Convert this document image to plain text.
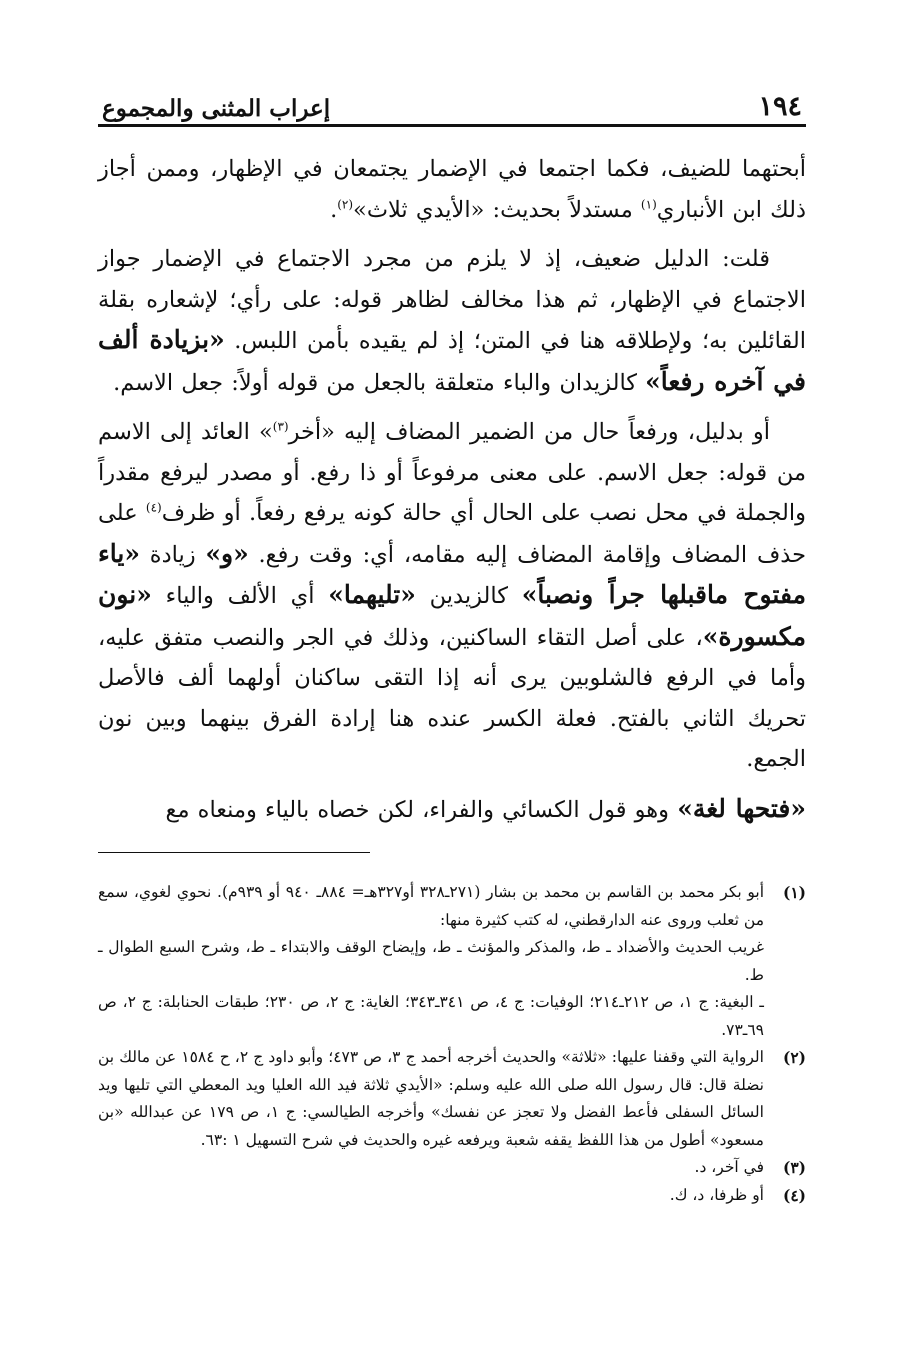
١٩٤
إعراب المثنى والمجموع

أبحتهما للضيف، فكما اجتمعا في الإضمار يجتمعان في الإظهار، وممن أجاز ذلك ابن الأنباري$^{(١)}$ مستدلاً بحديث: «الأيدي ثلاث»$^{(٢)}$.

قلت: الدليل ضعيف، إذ لا يلزم من مجرد الاجتماع في الإضمار جواز الاجتماع في الإظهار، ثم هذا مخالف لظاهر قوله: على رأي؛ لإشعاره بقلة القائلين به؛ ولإطلاقه هنا في المتن؛ إذ لم يقيده بأمن اللبس. «بزيادة ألف في آخره رفعاً» كالزيدان والباء متعلقة بالجعل من قوله أولاً: جعل الاسم.

أو بدليل، ورفعاً حال من الضمير المضاف إليه «أخر$^{(٣)}$» العائد إلى الاسم من قوله: جعل الاسم. على معنى مرفوعاً أو ذا رفع. أو مصدر ليرفع مقدراً والجملة في محل نصب على الحال أي حالة كونه يرفع رفعاً. أو ظرف$^{(٤)}$ على حذف المضاف وإقامة المضاف إليه مقامه، أي: وقت رفع. «و» زيادة «ياء مفتوح ماقبلها جراً ونصباً» كالزيدين «تليهما» أي الألف والياء «نون مكسورة»، على أصل التقاء الساكنين، وذلك في الجر والنصب متفق عليه، وأما في الرفع فالشلوبين يرى أنه إذا التقى ساكنان أولهما ألف فالأصل تحريك الثاني بالفتح. فعلة الكسر عنده هنا إرادة الفرق بينهما وبين نون الجمع.

«فتحها لغة» وهو قول الكسائي والفراء، لكن خصاه بالياء ومنعاه مع

(١)

أبو بكر محمد بن القاسم بن محمد بن بشار (٢٧١ـ٣٢٨ أو٣٢٧هـ= ٨٨٤ـ ٩٤٠ أو ٩٣٩م). نحوي لغوي، سمع من ثعلب وروى عنه الدارقطني، له كتب كثيرة منها:

غريب الحديث والأضداد ـ ط، والمذكر والمؤنث ـ ط، وإيضاح الوقف والابتداء ـ ط، وشرح السبع الطوال ـ ط.

ـ البغية: ج ١، ص ٢١٢ـ٢١٤؛ الوفيات: ج ٤، ص ٣٤١ـ٣٤٣؛ الغاية: ج ٢، ص ٢٣٠؛ طبقات الحنابلة: ج ٢، ص ٦٩ـ٧٣.

(٢)

الرواية التي وقفنا عليها: «ثلاثة» والحديث أخرجه أحمد ج ٣، ص ٤٧٣؛ وأبو داود ج ٢، ح ١٥٨٤ عن مالك بن نضلة قال: قال رسول الله صلى الله عليه وسلم: «الأيدي ثلاثة فيد الله العليا ويد المعطي التي تليها ويد السائل السفلى فأعط الفضل ولا تعجز عن نفسك» وأخرجه الطيالسي: ج ١، ص ١٧٩ عن عبدالله «بن مسعود» أطول من هذا اللفظ يقفه شعبة ويرفعه غيره والحديث في شرح التسهيل ١ :٦٣.

(٣)

في آخر، د.

(٤)

أو ظرفا، د، ك.
